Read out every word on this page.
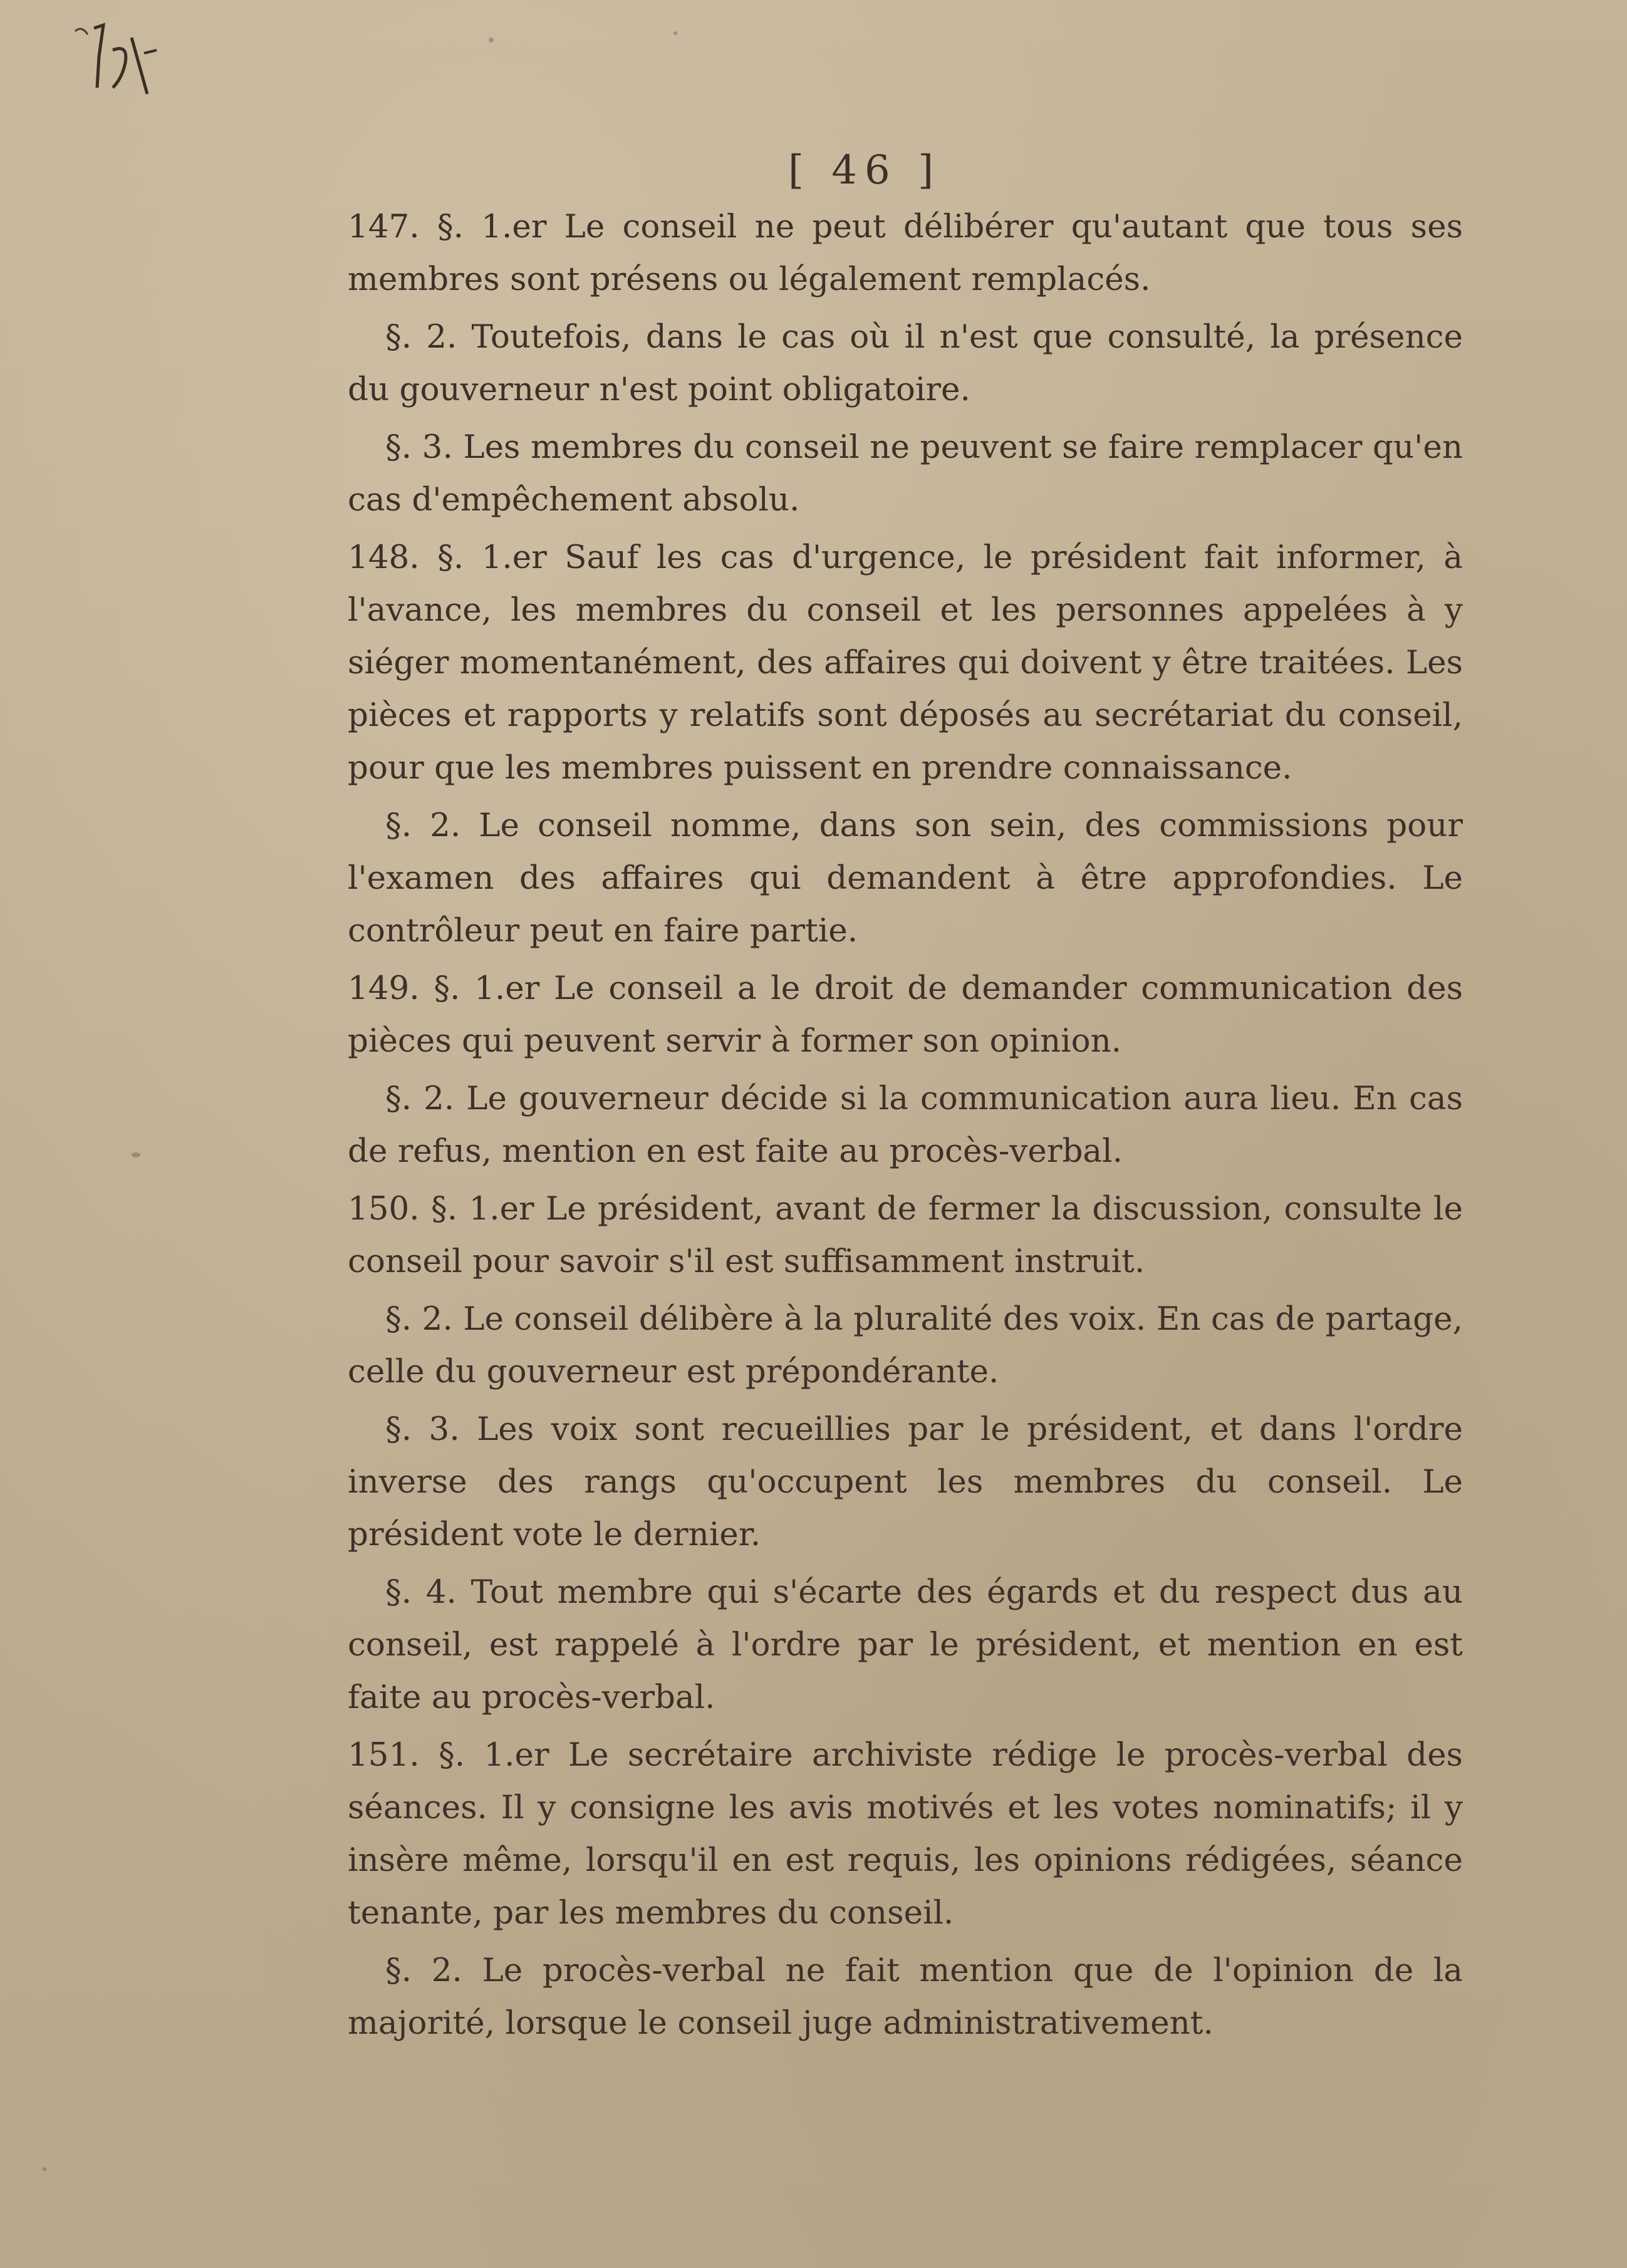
[ 46 ]

147. §. 1.er Le conseil ne peut délibérer qu'autant que tous ses membres sont présens ou légalement remplacés.

§. 2. Toutefois, dans le cas où il n'est que consulté, la présence du gouverneur n'est point obligatoire.

§. 3. Les membres du conseil ne peuvent se faire remplacer qu'en cas d'empêchement absolu.

148. §. 1.er Sauf les cas d'urgence, le président fait informer, à l'avance, les membres du conseil et les personnes appelées à y siéger momentanément, des affaires qui doivent y être traitées. Les pièces et rapports y relatifs sont déposés au secrétariat du conseil, pour que les membres puissent en prendre connaissance.

§. 2. Le conseil nomme, dans son sein, des commissions pour l'examen des affaires qui demandent à être approfondies. Le contrôleur peut en faire partie.

149. §. 1.er Le conseil a le droit de demander communication des pièces qui peuvent servir à former son opinion.

§. 2. Le gouverneur décide si la communication aura lieu. En cas de refus, mention en est faite au procès-verbal.

150. §. 1.er Le président, avant de fermer la discussion, consulte le conseil pour savoir s'il est suffisamment instruit.

§. 2. Le conseil délibère à la pluralité des voix. En cas de partage, celle du gouverneur est prépondérante.

§. 3. Les voix sont recueillies par le président, et dans l'ordre inverse des rangs qu'occupent les membres du conseil. Le président vote le dernier.

§. 4. Tout membre qui s'écarte des égards et du respect dus au conseil, est rappelé à l'ordre par le président, et mention en est faite au procès-verbal.

151. §. 1.er Le secrétaire archiviste rédige le procès-verbal des séances. Il y consigne les avis motivés et les votes nominatifs; il y insère même, lorsqu'il en est requis, les opinions rédigées, séance tenante, par les membres du conseil.

§. 2. Le procès-verbal ne fait mention que de l'opinion de la majorité, lorsque le conseil juge administrativement.
